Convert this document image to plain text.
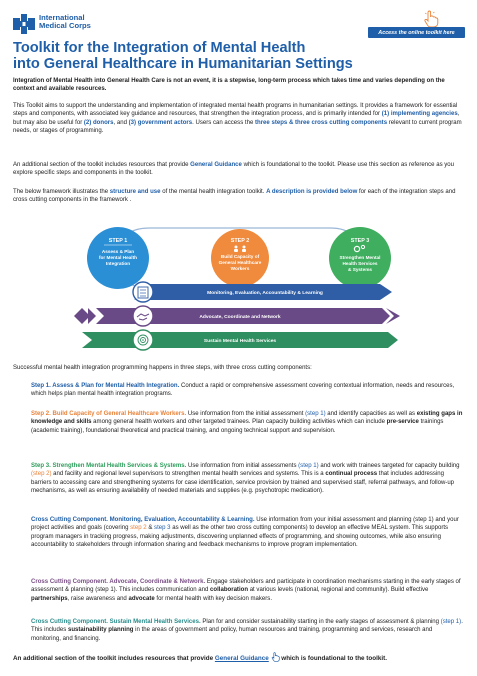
International
Medical Corps
Access the online toolkit here
Toolkit for the Integration of Mental Health
into General Healthcare in Humanitarian Settings
Integration of Mental Health into General Health Care is not an event, it is a stepwise, long-term process which takes time and varies depending on the context and available resources.
This Toolkit aims to support the understanding and implementation of integrated mental health programs in humanitarian settings. It provides a framework for essential steps and components, with associated key guidance and resources, that strengthen the integration process, and is primarily intended for (1) implementing agencies, but may also be useful for (2) donors, and (3) government actors. Users can access the three steps & three cross cutting components relevant to current program needs, or stages of programming.
An additional section of the toolkit includes resources that provide General Guidance which is foundational to the toolkit. Please use this section as reference as you explore specific steps and components in the toolkit.
The below framework illustrates the structure and use of the mental health integration toolkit. A description is provided below for each of the integration steps and cross cutting components in the framework .
STEP 1
Assess & Plan
for Mental Health
Integration
STEP 2
Build Capacity of
General Healthcare
Workers
STEP 3
Strengthen Mental
Health Services
& Systems
Monitoring, Evaluation, Accountability & Learning
Advocate, Coordinate and Network
Sustain Mental Health Services
Successful mental health integration programming happens in three steps, with three cross cutting components:
Step 1. Assess & Plan for Mental Health Integration. Conduct a rapid or comprehensive assessment covering contextual information, needs and resources, which helps plan mental health integration programs.
Step 2. Build Capacity of General Healthcare Workers. Use information from the initial assessment (step 1) and identify capacities as well as existing gaps in knowledge and skills among general health workers and other targeted trainees. Plan capacity building activities which can include pre-service trainings (academic training), foundational theoretical and practical training, and ongoing technical support and supervision.
Step 3. Strengthen Mental Health Services & Systems. Use information from initial assessments (step 1) and work with trainees targeted for capacity building (step 2) and facility and regional level supervisors to strengthen mental health services and systems. This is a continual process that includes addressing barriers to accessing care and strengthening systems for case identification, service provision by trained and supervised staff, referral pathways, and follow-up mechanisms, as well as ensuring availability of needed materials and supplies (e.g. psychotropic medication).
Cross Cutting Component. Monitoring, Evaluation, Accountability & Learning. Use information from your initial assessment and planning (step 1) and your project activities and goals (covering step 2 & step 3 as well as the other two cross cutting components) to develop an effective MEAL system. This supports program managers in tracking progress, making adjustments, discovering unplanned effects of programming, and showing outcomes, while also ensuring accountability to stakeholders through information sharing and feedback mechanisms to improve program implementation.
Cross Cutting Component. Advocate, Coordinate & Network. Engage stakeholders and participate in coordination mechanisms starting in the early stages of assessment & planning (step 1). This includes communication and collaboration at various levels (national, regional and community). Build effective partnerships, raise awareness and advocate for mental health with key decision makers.
Cross Cutting Component. Sustain Mental Health Services. Plan for and consider sustainability starting in the early stages of assessment & planning (step 1). This includes sustainability planning in the areas of government and policy, human resources and training, programming and services, research and monitoring, and financing.
An additional section of the toolkit includes resources that provide General Guidance  which is foundational to the toolkit.
